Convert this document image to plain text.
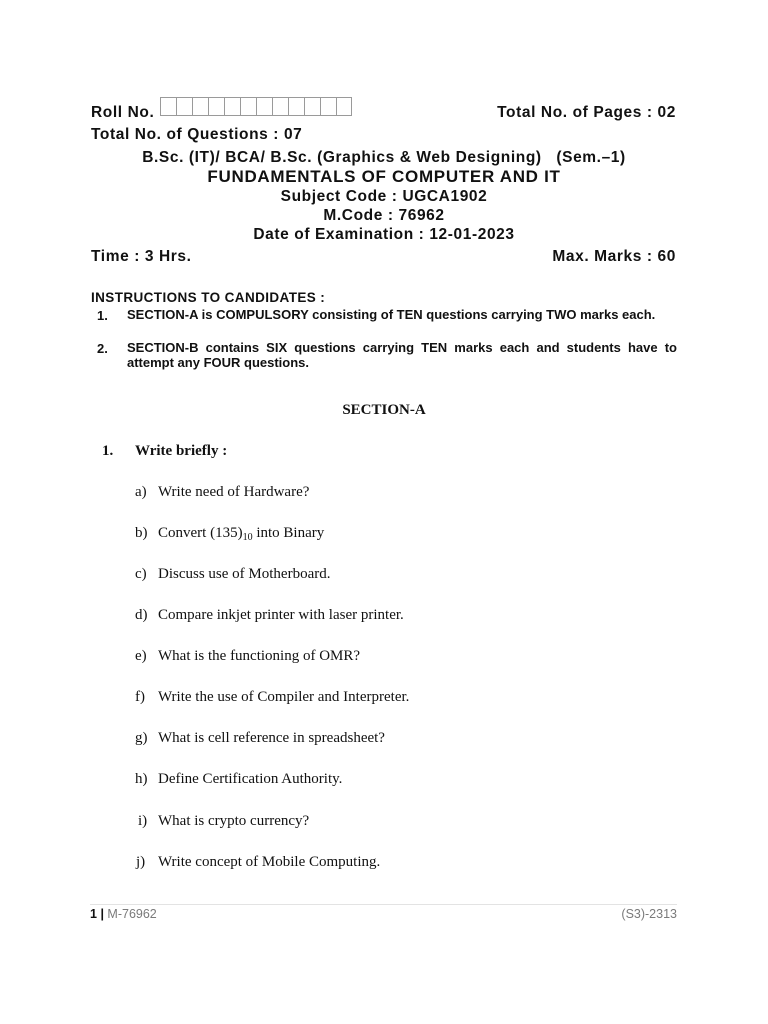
Roll No.	Total No. of Pages : 02
Total No. of Questions : 07
B.Sc. (IT)/ BCA/ B.Sc. (Graphics & Web Designing)   (Sem.–1)
FUNDAMENTALS OF COMPUTER AND IT
Subject Code : UGCA1902
M.Code : 76962
Date of Examination : 12-01-2023
Time : 3 Hrs.	Max. Marks : 60
INSTRUCTIONS TO CANDIDATES :
1. SECTION-A is COMPULSORY consisting of TEN questions carrying TWO marks each.
2. SECTION-B contains SIX questions carrying TEN marks each and students have to attempt any FOUR questions.
SECTION-A
1. Write briefly :
a) Write need of Hardware?
b) Convert $(135)_{10}$ into Binary
c) Discuss use of Motherboard.
d) Compare inkjet printer with laser printer.
e) What is the functioning of OMR?
f) Write the use of Compiler and Interpreter.
g) What is cell reference in spreadsheet?
h) Define Certification Authority.
i) What is crypto currency?
j) Write concept of Mobile Computing.
1 | M-76962	(S3)-2313
